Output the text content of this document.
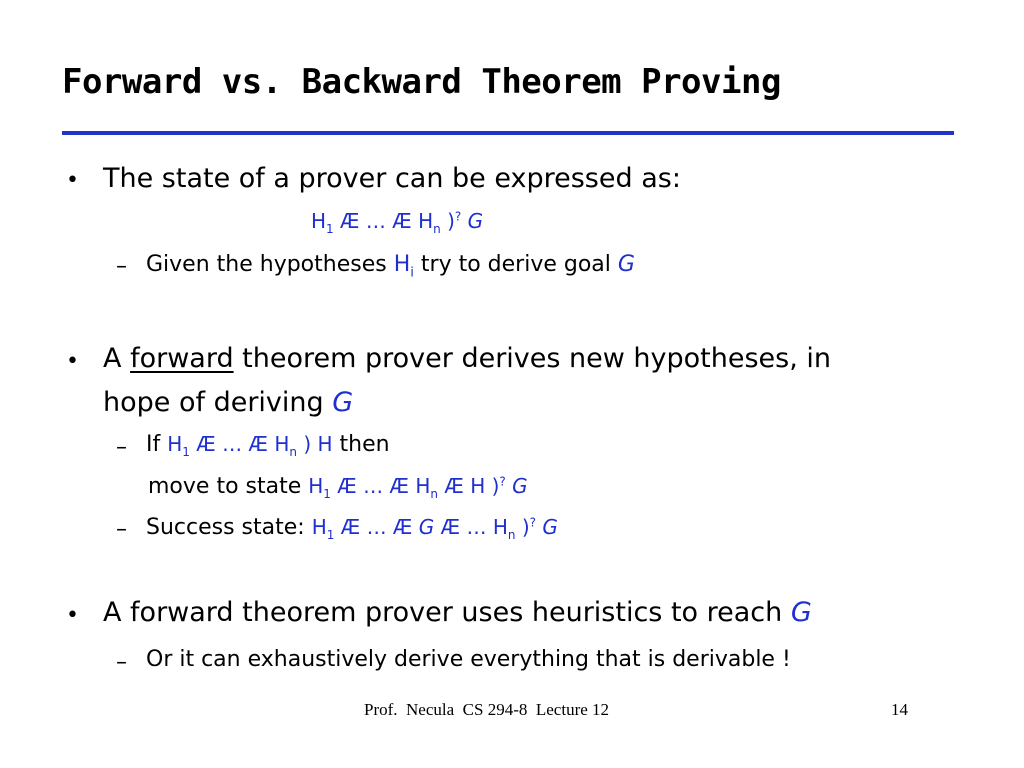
Forward vs. Backward Theorem Proving
• The state of a prover can be expressed as:
$H_1$ Æ … Æ $H_n$ )? G
– Given the hypotheses $H_i$ try to derive goal G
• A forward theorem prover derives new hypotheses, in
hope of deriving G
– If $H_1$ Æ … Æ $H_n$ ) H then
move to state $H_1$ Æ … Æ $H_n$ Æ H )? G
– Success state: $H_1$ Æ … Æ G Æ … $H_n$ )? G
• A forward theorem prover uses heuristics to reach G
– Or it can exhaustively derive everything that is derivable !
Prof.  Necula  CS 294-8  Lecture 12	14
